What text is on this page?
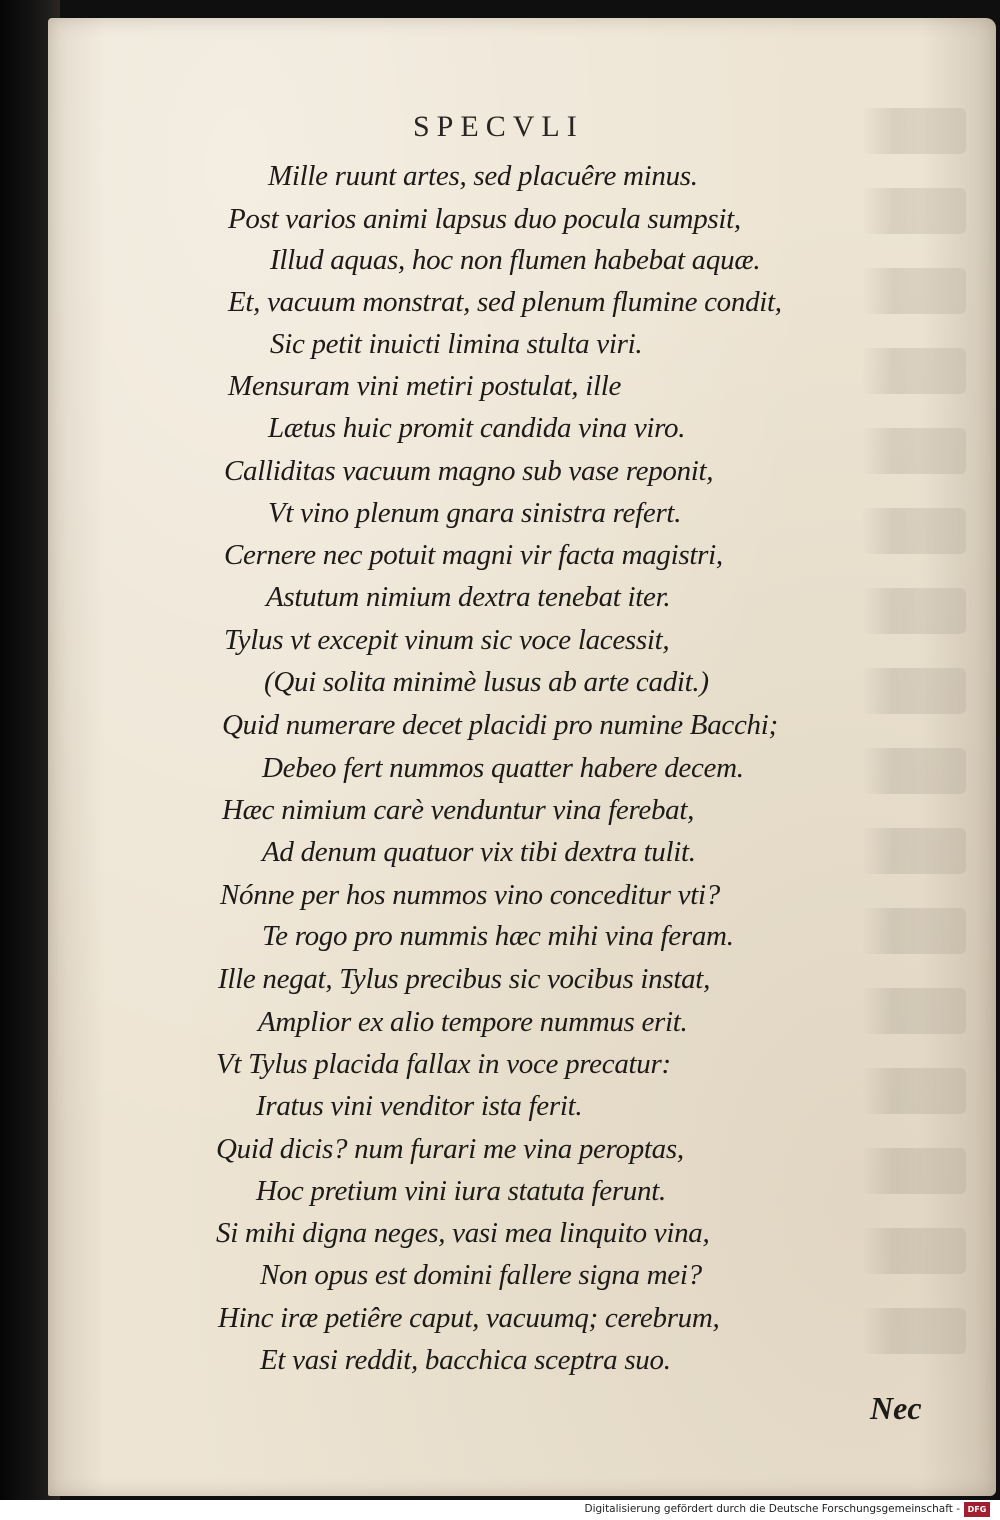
SPECVLI
Mille ruunt artes, sed placuêre minus.
Post varios animi lapsus duo pocula sumpsit,
Illud aquas, hoc non flumen habebat aquæ.
Et, vacuum monstrat, sed plenum flumine condit,
Sic petit inuicti limina stulta viri.
Mensuram vini metiri postulat, ille
Lætus huic promit candida vina viro.
Calliditas vacuum magno sub vase reponit,
Vt vino plenum gnara sinistra refert.
Cernere nec potuit magni vir facta magistri,
Astutum nimium dextra tenebat iter.
Tylus vt excepit vinum sic voce lacessit,
(Qui solita minimè lusus ab arte cadit.)
Quid numerare decet placidi pro numine Bacchi;
Debeo fert nummos quatter habere decem.
Hæc nimium carè venduntur vina ferebat,
Ad denum quatuor vix tibi dextra tulit.
Nónne per hos nummos vino conceditur vti?
Te rogo pro nummis hæc mihi vina feram.
Ille negat, Tylus precibus sic vocibus instat,
Amplior ex alio tempore nummus erit.
Vt Tylus placida fallax in voce precatur:
Iratus vini venditor ista ferit.
Quid dicis? num furari me vina peroptas,
Hoc pretium vini iura statuta ferunt.
Si mihi digna neges, vasi mea linquito vina,
Non opus est domini fallere signa mei?
Hinc iræ petiêre caput, vacuumq; cerebrum,
Et vasi reddit, bacchica sceptra suo.
Nec
Digitalisierung gefördert durch die Deutsche Forschungsgemeinschaft - DFG
